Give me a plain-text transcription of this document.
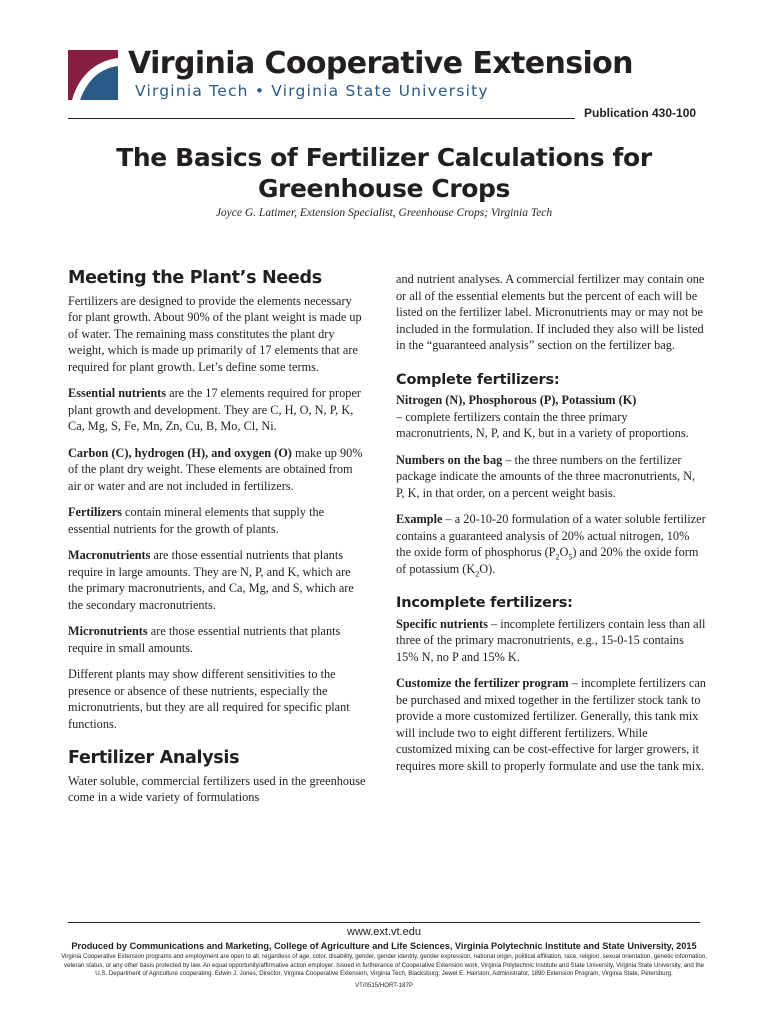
Virginia Cooperative Extension
Virginia Tech • Virginia State University
Publication 430-100
The Basics of Fertilizer Calculations for Greenhouse Crops
Joyce G. Latimer, Extension Specialist, Greenhouse Crops; Virginia Tech
Meeting the Plant’s Needs

Fertilizers are designed to provide the elements necessary for plant growth. About 90% of the plant weight is made up of water. The remaining mass constitutes the plant dry weight, which is made up primarily of 17 elements that are required for plant growth. Let’s define some terms.

Essential nutrients are the 17 elements required for proper plant growth and development. They are C, H, O, N, P, K, Ca, Mg, S, Fe, Mn, Zn, Cu, B, Mo, Cl, Ni.

Carbon (C), hydrogen (H), and oxygen (O) make up 90% of the plant dry weight. These elements are obtained from air or water and are not included in fertilizers.

Fertilizers contain mineral elements that supply the essential nutrients for the growth of plants.

Macronutrients are those essential nutrients that plants require in large amounts. They are N, P, and K, which are the primary macronutrients, and Ca, Mg, and S, which are the secondary macronutrients.

Micronutrients are those essential nutrients that plants require in small amounts.

Different plants may show different sensitivities to the presence or absence of these nutrients, especially the micronutrients, but they are all required for specific plant functions.

Fertilizer Analysis

Water soluble, commercial fertilizers used in the greenhouse come in a wide variety of formulations

and nutrient analyses. A commercial fertilizer may contain one or all of the essential elements but the percent of each will be listed on the fertilizer label. Micronutrients may or may not be included in the formulation. If included they also will be listed in the “guaranteed analysis” section on the fertilizer bag.

Complete fertilizers:

Nitrogen (N), Phosphorous (P), Potassium (K)
– complete fertilizers contain the three primary macronutrients, N, P, and K, but in a variety of proportions.

Numbers on the bag – the three numbers on the fertilizer package indicate the amounts of the three macronutrients, N, P, K, in that order, on a percent weight basis.

Example – a 20-10-20 formulation of a water soluble fertilizer contains a guaranteed analysis of 20% actual nitrogen, 10% the oxide form of phosphorus $(P_2O_5)$ and 20% the oxide form of potassium $(K_2O)$.

Incomplete fertilizers:

Specific nutrients – incomplete fertilizers contain less than all three of the primary macronutrients, e.g., 15-0-15 contains 15% N, no P and 15% K.

Customize the fertilizer program – incomplete fertilizers can be purchased and mixed together in the fertilizer stock tank to provide a more customized fertilizer. Generally, this tank mix will include two to eight different fertilizers. While customized mixing can be cost-effective for larger growers, it requires more skill to properly formulate and use the tank mix.

www.ext.vt.edu
Produced by Communications and Marketing, College of Agriculture and Life Sciences, Virginia Polytechnic Institute and State University, 2015
Virginia Cooperative Extension programs and employment are open to all, regardless of age, color, disability, gender, gender identity, gender expression, national origin, political affiliation, race, religion, sexual orientation, genetic information, veteran status, or any other basis protected by law. An equal opportunity/affirmative action employer. Issued in furtherance of Cooperative Extension work, Virginia Polytechnic Institute and State University, Virginia State University, and the U.S. Department of Agriculture cooperating. Edwin J. Jones, Director, Virginia Cooperative Extension, Virginia Tech, Blacksburg; Jewel E. Hairston, Administrator, 1890 Extension Program, Virginia State, Petersburg.
VT/0515/HORT-187P
